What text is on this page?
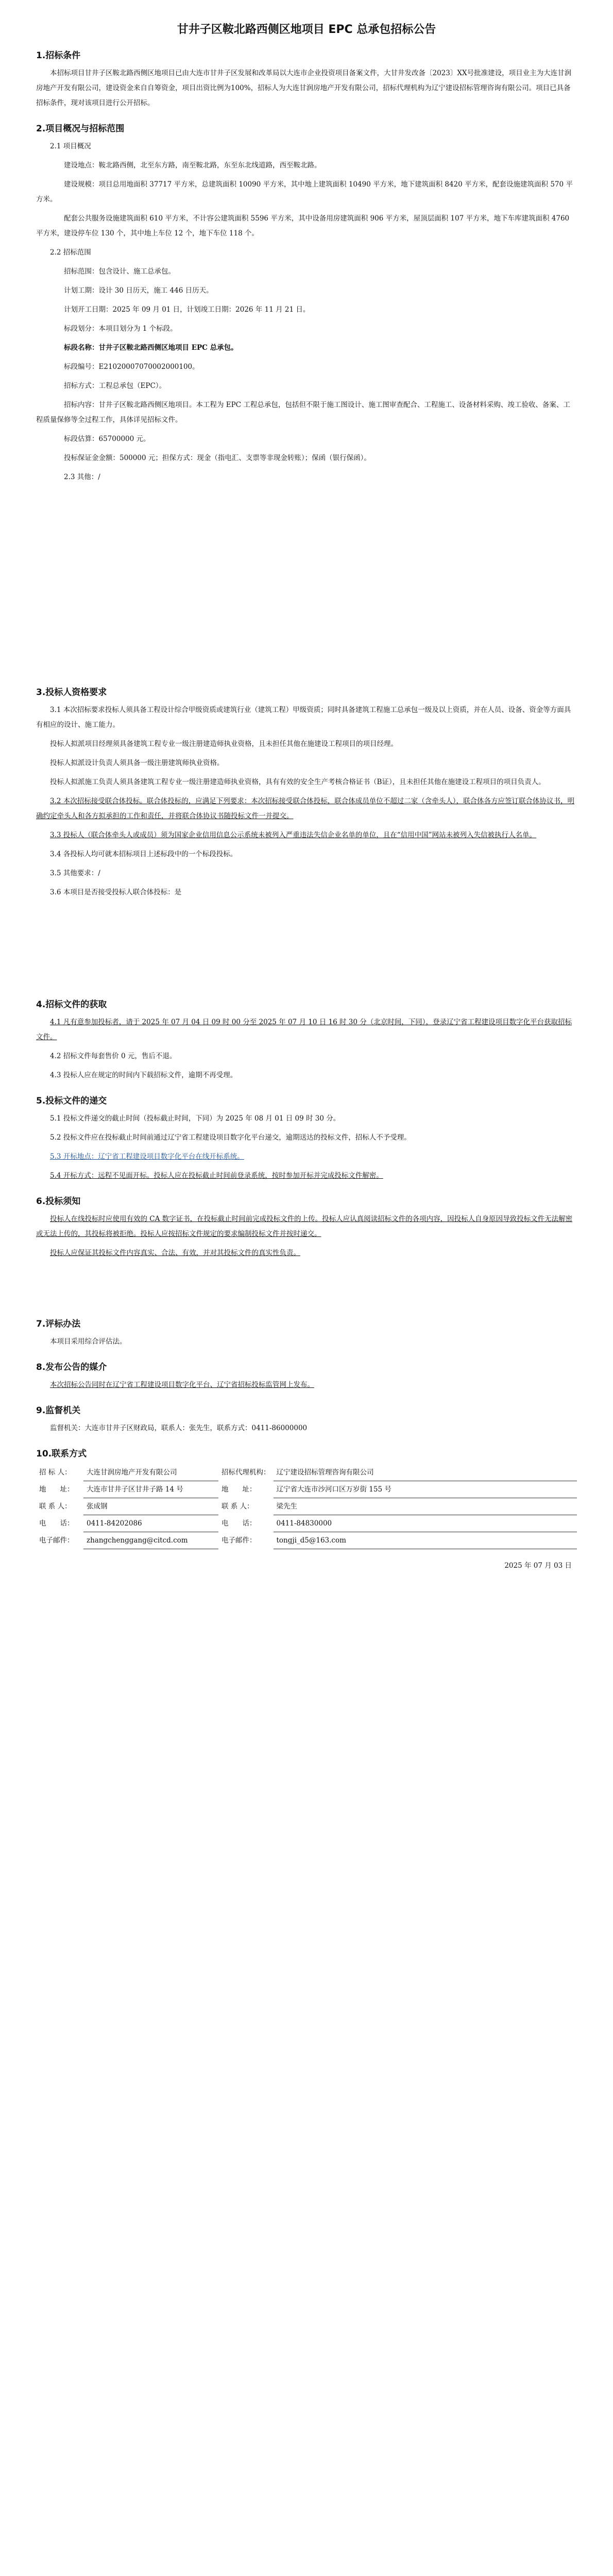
甘井子区鞍北路西侧区地项目 EPC 总承包招标公告
1.招标条件

本招标项目甘井子区鞍北路西侧区地项目已由大连市甘井子区发展和改革局以大连市企业投资项目备案文件，大甘井发改备〔2023〕XX号批准建设，项目业主为大连甘润房地产开发有限公司，建设资金来自自筹资金，项目出资比例为100%，招标人为大连甘润房地产开发有限公司，招标代理机构为辽宁建设招标管理咨询有限公司。项目已具备招标条件，现对该项目进行公开招标。

2.项目概况与招标范围

2.1 项目概况

建设地点：鞍北路西侧，北至东方路，南至鞍北路，东至东北线道路，西至鞍北路。

建设规模：项目总用地面积 37717 平方米，总建筑面积 10090 平方米，其中地上建筑面积 10490 平方米，地下建筑面积 8420 平方米，配套设施建筑面积 570 平方米。

配套公共服务设施建筑面积 610 平方米，不计容公建筑面积 5596 平方米，其中设备用房建筑面积 906 平方米，屋顶层面积 107 平方米，地下车库建筑面积 4760 平方米，建设停车位 130 个，其中地上车位 12 个，地下车位 118 个。

2.2 招标范围

招标范围：包含设计、施工总承包。

计划工期：设计 30 日历天，施工 446 日历天。

计划开工日期：2025 年 09 月 01 日，计划竣工日期：2026 年 11 月 21 日。

标段划分：本项目划分为 1 个标段。

标段名称：甘井子区鞍北路西侧区地项目 EPC 总承包。

标段编号：E21020007070002000100。

招标方式：工程总承包（EPC）。

招标内容：甘井子区鞍北路西侧区地项目。本工程为 EPC 工程总承包，包括但不限于施工图设计、施工图审查配合、工程施工、设备材料采购、竣工验收、备案、工程质量保修等全过程工作，具体详见招标文件。

标段估算：65700000 元。

投标保证金金额：500000 元；担保方式：现金（指电汇、支票等非现金转账）；保函（银行保函）。

2.3 其他：/

3.投标人资格要求

3.1 本次招标要求投标人须具备工程设计综合甲级资质或建筑行业（建筑工程）甲级资质；同时具备建筑工程施工总承包一级及以上资质，并在人员、设备、资金等方面具有相应的设计、施工能力。

投标人拟派项目经理须具备建筑工程专业一级注册建造师执业资格，且未担任其他在施建设工程项目的项目经理。

投标人拟派设计负责人须具备一级注册建筑师执业资格。

投标人拟派施工负责人须具备建筑工程专业一级注册建造师执业资格，具有有效的安全生产考核合格证书（B证），且未担任其他在施建设工程项目的项目负责人。

3.2 本次招标接受联合体投标。联合体投标的，应满足下列要求：本次招标接受联合体投标，联合体成员单位不超过二家（含牵头人），联合体各方应签订联合体协议书，明确约定牵头人和各方拟承担的工作和责任，并将联合体协议书随投标文件一并提交。

3.3 投标人（联合体牵头人或成员）须为国家企业信用信息公示系统未被列入严重违法失信企业名单的单位，且在“信用中国”网站未被列入失信被执行人名单。

3.4 各投标人均可就本招标项目上述标段中的一个标段投标。

3.5 其他要求：/

3.6 本项目是否接受投标人联合体投标：是

4.招标文件的获取

4.1 凡有意参加投标者，请于 2025 年 07 月 04 日 09 时 00 分至 2025 年 07 月 10 日 16 时 30 分（北京时间，下同），登录辽宁省工程建设项目数字化平台获取招标文件。

4.2 招标文件每套售价 0 元，售后不退。

4.3 投标人应在规定的时间内下载招标文件，逾期不再受理。

5.投标文件的递交

5.1 投标文件递交的截止时间（投标截止时间，下同）为 2025 年 08 月 01 日 09 时 30 分。

5.2 投标文件应在投标截止时间前通过辽宁省工程建设项目数字化平台递交，逾期送达的投标文件，招标人不予受理。

5.3 开标地点：辽宁省工程建设项目数字化平台在线开标系统。

5.4 开标方式：远程不见面开标。投标人应在投标截止时间前登录系统，按时参加开标并完成投标文件解密。

6.投标须知

投标人在线投标时应使用有效的 CA 数字证书，在投标截止时间前完成投标文件的上传。投标人应认真阅读招标文件的各项内容，因投标人自身原因导致投标文件无法解密或无法上传的，其投标将被拒绝。投标人应按招标文件规定的要求编制投标文件并按时递交。

投标人应保证其投标文件内容真实、合法、有效，并对其投标文件的真实性负责。

7.评标办法

本项目采用综合评估法。

8.发布公告的媒介

本次招标公告同时在辽宁省工程建设项目数字化平台、辽宁省招标投标监管网上发布。

9.监督机关

监督机关：大连市甘井子区财政局，联系人：张先生，联系方式：0411-86000000

10.联系方式
招 标 人：	大连甘润房地产开发有限公司	招标代理机构：	辽宁建设招标管理咨询有限公司
地　　址：	大连市甘井子区甘井子路 14 号	地　　址：	辽宁省大连市沙河口区万岁街 155 号
联 系 人：	张成钢	联 系 人：	梁先生
电　　话：	0411-84202086	电　　话：	0411-84830000
电子邮件：	zhangchenggang@citcd.com	电子邮件：	tongji_d5@163.com
2025 年 07 月 03 日
